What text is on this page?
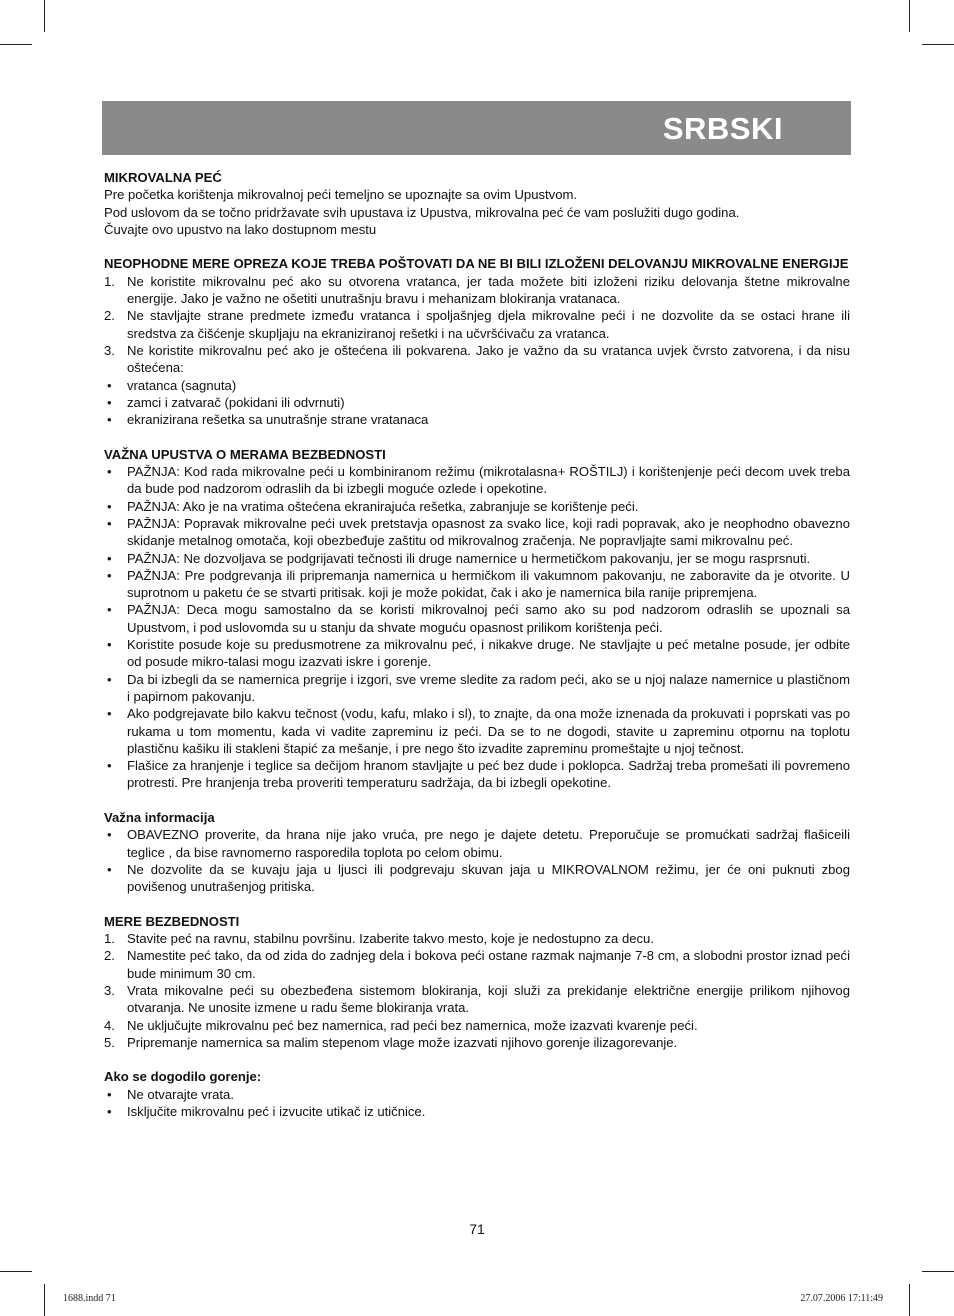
SRBSKI
MIKROVALNA PEĆ
Pre početka korištenja mikrovalnoj peći temeljno se upoznajte sa ovim Upustvom.
Pod uslovom da se točno pridržavate svih upustava iz Upustva, mikrovalna peć će vam poslužiti dugo godina.
Čuvajte ovo upustvo na lako dostupnom mestu
NEOPHODNE MERE OPREZA KOJE TREBA POŠTOVATI DA NE BI BILI IZLOŽENI DELOVANJU MIKROVALNE ENERGIJE
1. Ne koristite mikrovalnu peć ako su otvorena vratanca, jer tada možete biti izloženi riziku delovanja štetne mikrovalne energije. Jako je važno ne ošetiti unutrašnju bravu i mehanizam blokiranja vratanaca.
2. Ne stavljajte strane predmete između vratanca i spoljašnjeg djela mikrovalne peći i ne dozvolite da se ostaci hrane ili sredstva za čišćenje skupljaju na ekraniziranoj rešetki i na učvršćivaču za vratanca.
3. Ne koristite mikrovalnu peć ako je oštećena ili pokvarena. Jako je važno da su vratanca uvjek čvrsto zatvorena, i da nisu oštećena:
• vratanca (sagnuta)
• zamci i zatvarač (pokidani ili odvrnuti)
• ekranizirana rešetka sa unutrašnje strane vratanaca
VAŽNA UPUSTVA O MERAMA BEZBEDNOSTI
• PAŽNJA: Kod rada mikrovalne peći u kombiniranom režimu (mikrotalasna+ ROŠTILJ) i korištenjenje peći decom uvek treba da bude pod nadzorom odraslih da bi izbegli moguće ozlede i opekotine.
• PAŽNJA: Ako je na vratima oštećena ekranirajuća rešetka, zabranjuje se korištenje peći.
• PAŽNJA: Popravak mikrovalne peći uvek pretstavja opasnost za svako lice, koji radi popravak, ako je neophodno obavezno skidanje metalnog omotača, koji obezbeđuje zaštitu od mikrovalnog zračenja. Ne popravljajte sami mikrovalnu peć.
• PAŽNJA: Ne dozvoljava se podgrijavati tečnosti ili druge namernice u hermetičkom pakovanju, jer se mogu rasprsnuti.
• PAŽNJA: Pre podgrevanja ili pripremanja namernica u hermičkom ili vakumnom pakovanju, ne zaboravite da je otvorite. U suprotnom u paketu će se stvarti pritisak. koji je može pokidat, čak i ako je namernica bila ranije pripremjena.
• PAŽNJA: Deca mogu samostalno da se koristi mikrovalnoj peći samo ako su pod nadzorom odraslih se upoznali sa Upustvom, i pod uslovomda su u stanju da shvate moguću opasnost prilikom korištenja peći.
• Koristite posude koje su predusmotrene za mikrovalnu peć, i nikakve druge. Ne stavljajte u peć metalne posude, jer odbite od posude mikro-talasi mogu izazvati iskre i gorenje.
• Da bi izbegli da se namernica pregrije i izgori, sve vreme sledite za radom peći, ako se u njoj nalaze namernice u plastičnom i papirnom pakovanju.
• Ako podgrejavate bilo kakvu tečnost (vodu, kafu, mlako i sl), to znajte, da ona može iznenada da prokuvati i poprskati vas po rukama u tom momentu, kada vi vadite zapreminu iz peći. Da se to ne dogodi, stavite u zapreminu otpornu na toplotu plastičnu kašiku ili stakleni štapić za mešanje, i pre nego što izvadite zapreminu promeštajte u njoj tečnost.
• Flašice za hranjenje i teglice sa dečijom hranom stavljajte u peć bez dude i poklopca. Sadržaj treba promešati ili povremeno protresti. Pre hranjenja treba proveriti temperaturu sadržaja, da bi izbegli opekotine.
Važna informacija
• OBAVEZNO proverite, da hrana nije jako vruća, pre nego je dajete detetu. Preporučuje se promućkati sadržaj flašiceili teglice , da bise ravnomerno rasporedila toplota po celom obimu.
• Ne dozvolite da se kuvaju jaja u ljusci ili podgrevaju skuvan jaja u MIKROVALNOM režimu, jer će oni puknuti zbog povišenog unutrašenjog pritiska.
MERE BEZBEDNOSTI
1. Stavite peć na ravnu, stabilnu površinu. Izaberite takvo mesto, koje je nedostupno za decu.
2. Namestite peć tako, da od zida do zadnjeg dela i bokova peći ostane razmak najmanje 7-8 cm, a slobodni prostor iznad peći bude minimum 30 cm.
3. Vrata mikovalne peći su obezbeđena sistemom blokiranja, koji služi za prekidanje električne energije prilikom njihovog otvaranja. Ne unosite izmene u radu šeme blokiranja vrata.
4. Ne uključujte mikrovalnu peć bez namernica, rad peći bez namernica, može izazvati kvarenje peći.
5. Pripremanje namernica sa malim stepenom vlage može izazvati njihovo gorenje ilizagorevanje.
Ako se dogodilo gorenje:
• Ne otvarajte vrata.
• Isključite mikrovalnu peć i izvucite utikač iz utičnice.
71
1688.indd 71	27.07.2006 17:11:49
